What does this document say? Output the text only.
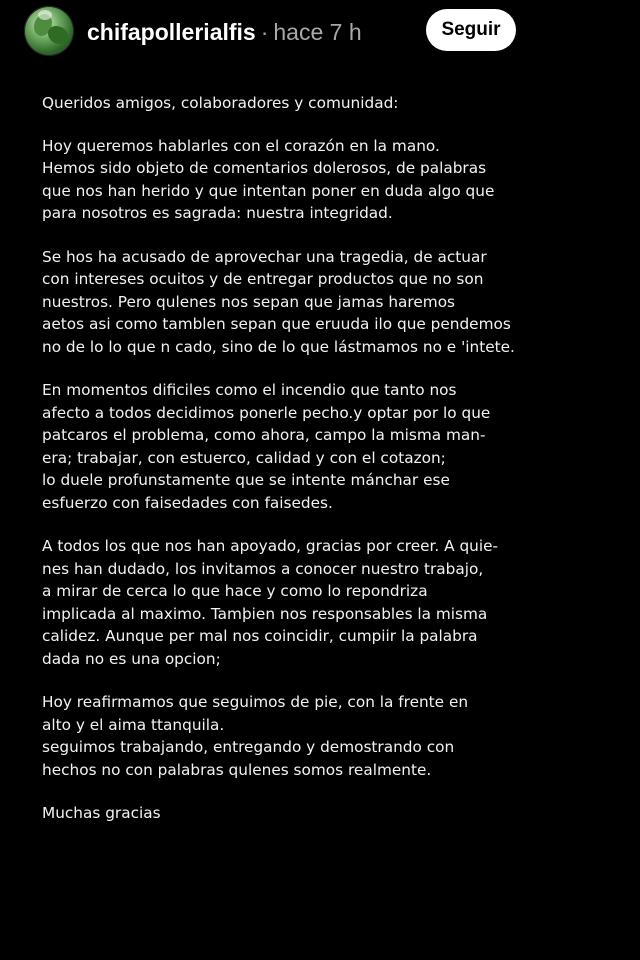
chifapollerialfis · hace 7 h	Seguir

Queridos amigos, colaboradores y comunidad:

Hoy queremos hablarles con el corazón en la mano.
Hemos sido objeto de comentarios dolerosos, de palabras
que nos han herido y que intentan poner en duda algo que
para nosotros es sagrada: nuestra integridad.

Se hos ha acusado de aprovechar una tragedia, de actuar
con intereses ocuitos y de entregar productos que no son
nuestros. Pero qulenes nos sepan que jamas haremos
aetos asi como tamblen sepan que eruuda ilo que pendemos
no de lo lo que n cado, sino de lo que lástmamos no e 'intete.

En momentos dificiles como el incendio que tanto nos
afecto a todos decidimos ponerle pecho.y optar por lo que
patcaros el problema, como ahora, campo la misma man-
era; trabajar, con estuerco, calidad y con el cotazon;
lo duele profunstamente que se intente mánchar ese
esfuerzo con faisedades con faisedes.

A todos los que nos han apoyado, gracias por creer. A quie-
nes han dudado, los invitamos a conocer nuestro trabajo,
a mirar de cerca lo que hace y como lo repondriza
implicada al maximo. Tamþien nos responsables la misma
calidez. Aunque per mal nos coincidir, cumpiir la palabra
dada no es una opcion;

Hoy reafirmamos que seguimos de pie, con la frente en
alto y el aima ttanquila.
seguimos trabajando, entregando y demostrando con
hechos no con palabras qulenes somos realmente.

Muchas gracias
